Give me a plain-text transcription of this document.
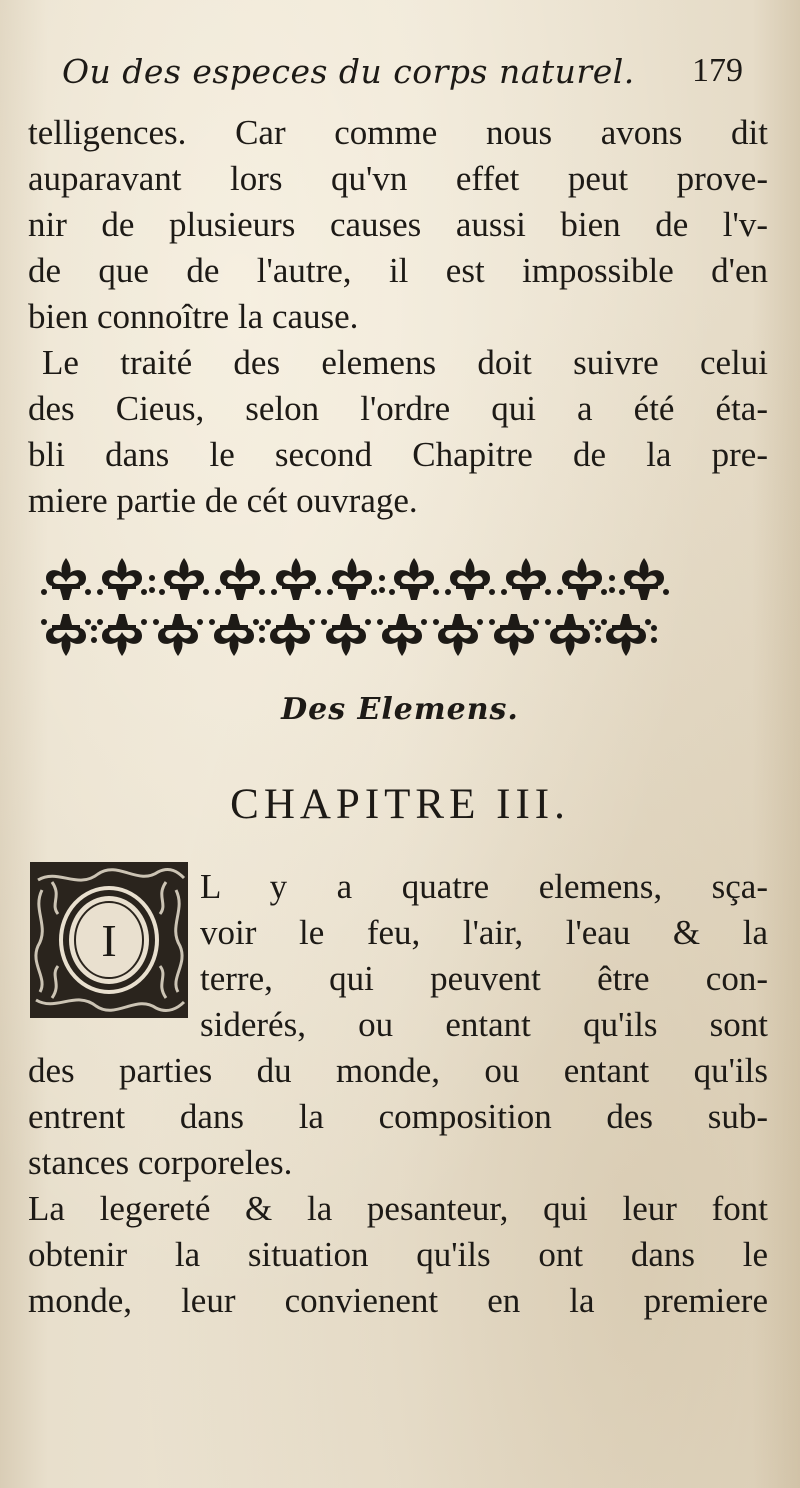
Ou des especes du corps naturel.	179
telligences. Car comme nous avons dit
auparavant lors qu'vn effet peut prove-
nir de plusieurs causes aussi bien de l'v-
de que de l'autre, il est impossible d'en
bien connoître la cause.
Le traité des elemens doit suivre celui
des Cieus, selon l'ordre qui a été éta-
bli dans le second Chapitre de la pre-
miere partie de cét ouvrage.
Des Elemens.
CHAPITRE III.
I
L y a quatre elemens, sça-
voir le feu, l'air, l'eau & la
terre, qui peuvent être con-
siderés, ou entant qu'ils sont
des parties du monde, ou entant qu'ils
entrent dans la composition des sub-
stances corporeles.
La legereté & la pesanteur, qui leur font
obtenir la situation qu'ils ont dans le
monde, leur convienent en la premiere
